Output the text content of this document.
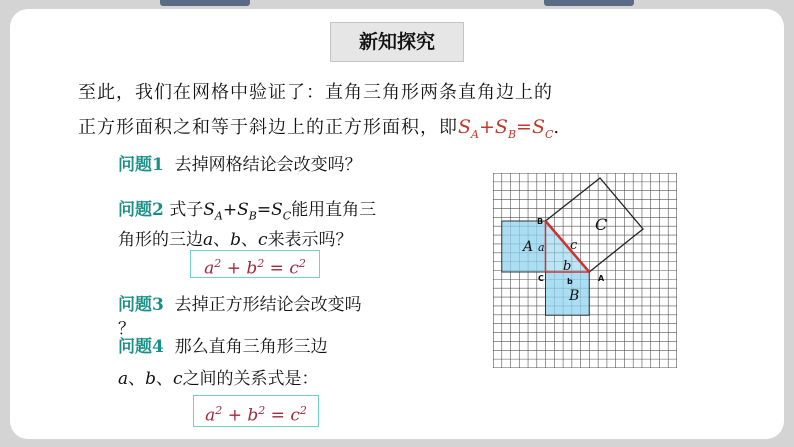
新知探究
至此，我们在网格中验证了：直角三角形两条直角边上的
正方形面积之和等于斜边上的正方形面积，即$S_A+S_B=S_C$.
问题1 去掉网格结论会改变吗？
问题2 式子$S_A+S_B=S_C$能用直角三
角形的三边a、b、c来表示吗？
$a^2 + b^2 = c^2$
问题3 去掉正方形结论会改变吗
？
问题4 那么直角三角形三边
a、b、c之间的关系式是：
$a^2 + b^2 = c^2$
A
C
B
a
b
c
B
C	A
b
